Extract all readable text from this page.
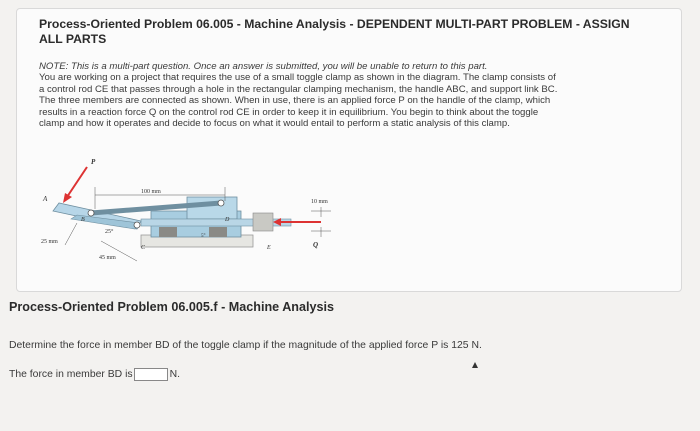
Process-Oriented Problem 06.005 - Machine Analysis - DEPENDENT MULTI-PART PROBLEM - ASSIGN ALL PARTS
NOTE: This is a multi-part question. Once an answer is submitted, you will be unable to return to this part.
You are working on a project that requires the use of a small toggle clamp as shown in the diagram. The clamp consists of
a control rod CE that passes through a hole in the rectangular clamping mechanism, the handle ABC, and support link BC.
The three members are connected as shown. When in use, there is an applied force P on the handle of the clamp, which
results in a reaction force Q on the control rod CE in order to keep it in equilibrium. You begin to think about the toggle
clamp and how it operates and decide to focus on what it would entail to perform a static analysis of this clamp.
P
A
B
C
D
E	Q
100 mm
10 mm
25 mm
45 mm
25°
5°
Process-Oriented Problem 06.005.f - Machine Analysis
Determine the force in member BD of the toggle clamp if the magnitude of the applied force P is 125 N.
The force in member BD is	N.
